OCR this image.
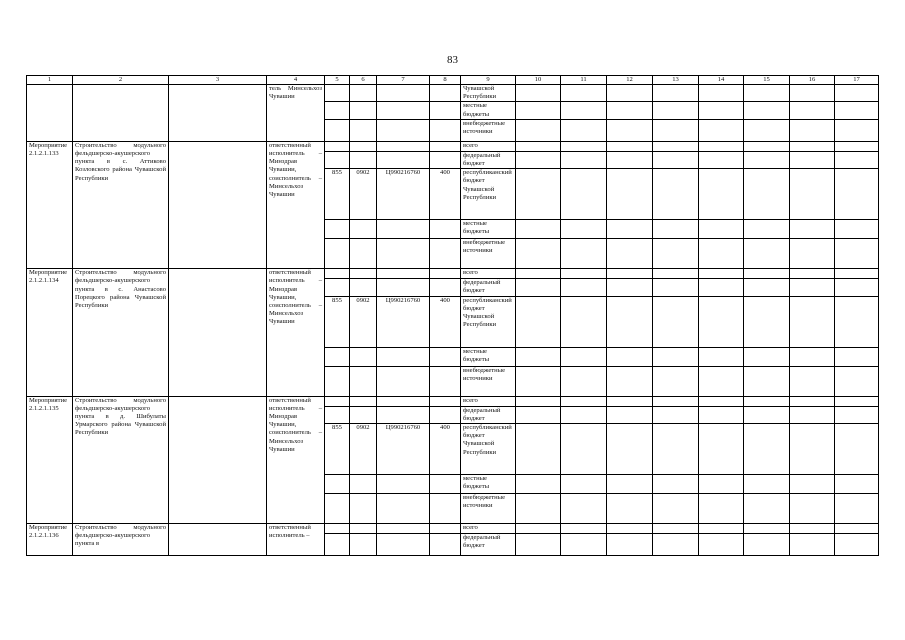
83
1	2	3	4	5	6	7	8	9	10	11	12	13	14	15	16	17
			тель Минсельхоз Чувашии					Чувашской Республики								
								местные бюджеты								
								внебюджетные источники								
Мероприятие 2.1.2.1.133	Строительство модульного фельдшерско-акушерского пункта в с. Аттиково Козловского района Чувашской Республики		ответственный исполнитель – Минздрав Чувашии, соисполнитель – Минсельхоз Чувашии					всего								
								федеральный бюджет								
				855	0902	Ц990216760	400	республиканский бюджет Чувашской Республики								
								местные бюджеты								
								внебюджетные источники								
Мероприятие 2.1.2.1.134	Строительство модульного фельдшерско-акушерского пункта в с. Анастасово Порецкого района Чувашской Республики		ответственный исполнитель – Минздрав Чувашии, соисполнитель – Минсельхоз Чувашии					всего								
								федеральный бюджет								
				855	0902	Ц990216760	400	республиканский бюджет Чувашской Республики								
								местные бюджеты								
								внебюджетные источники								
Мероприятие 2.1.2.1.135	Строительство модульного фельдшерско-акушерского пункта в д. Шибулаты Урмарского района Чувашской Республики		ответственный исполнитель – Минздрав Чувашии, соисполнитель – Минсельхоз Чувашии					всего								
								федеральный бюджет								
				855	0902	Ц990216760	400	республиканский бюджет Чувашской Республики								
								местные бюджеты								
								внебюджетные источники								
Мероприятие 2.1.2.1.136	Строительство модульного фельдшерско-акушерского пункта в		ответственный исполнитель –					всего								
								федеральный бюджет								
